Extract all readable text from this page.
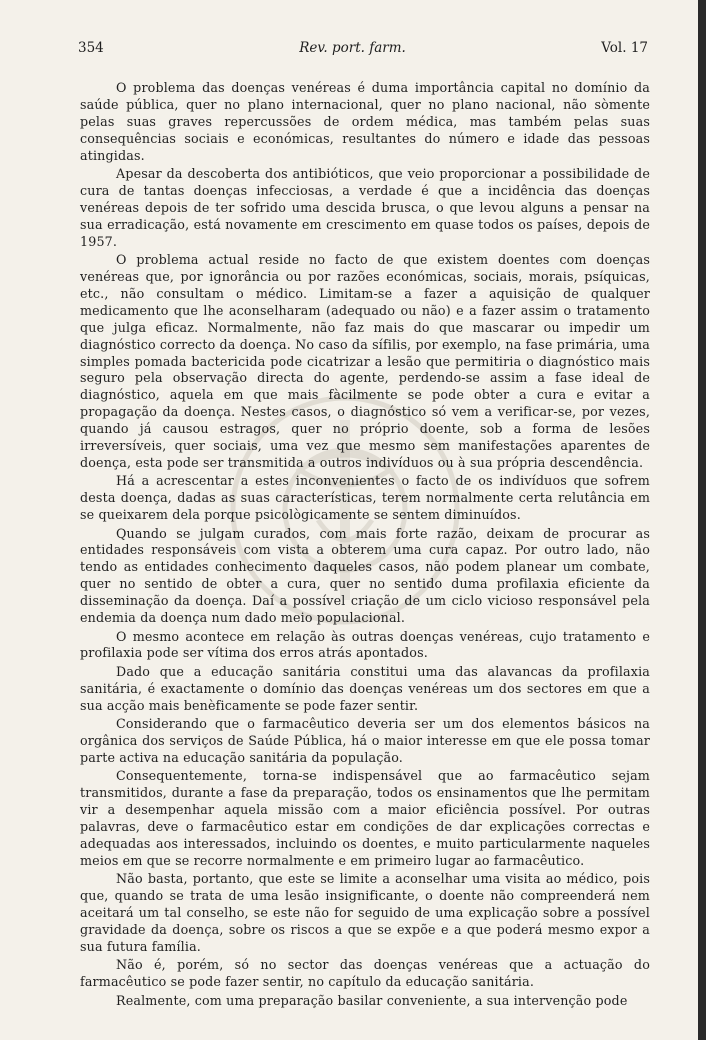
354	Rev. port. farm.	Vol. 17

O problema das doenças venéreas é duma importância capital no domínio da saúde pública, quer no plano internacional, quer no plano nacional, não sòmente pelas suas graves repercussões de ordem médica, mas também pelas suas consequências sociais e económicas, resultantes do número e idade das pessoas atingidas.

Apesar da descoberta dos antibióticos, que veio proporcionar a possibilidade de cura de tantas doenças infecciosas, a verdade é que a incidência das doenças venéreas depois de ter sofrido uma descida brusca, o que levou alguns a pensar na sua erradicação, está novamente em crescimento em quase todos os países, depois de 1957.

O problema actual reside no facto de que existem doentes com doenças venéreas que, por ignorância ou por razões económicas, sociais, morais, psíquicas, etc., não consultam o médico. Limitam-se a fazer a aquisição de qualquer medicamento que lhe aconselharam (adequado ou não) e a fazer assim o tratamento que julga eficaz. Normalmente, não faz mais do que mascarar ou impedir um diagnóstico correcto da doença. No caso da sífilis, por exemplo, na fase primária, uma simples pomada bactericida pode cicatrizar a lesão que permitiria o diagnóstico mais seguro pela observação directa do agente, perdendo-se assim a fase ideal de diagnóstico, aquela em que mais fàcilmente se pode obter a cura e evitar a propagação da doença. Nestes casos, o diagnóstico só vem a verificar-se, por vezes, quando já causou estragos, quer no próprio doente, sob a forma de lesões irreversíveis, quer sociais, uma vez que mesmo sem manifestações aparentes de doença, esta pode ser transmitida a outros indivíduos ou à sua própria descendência.

Há a acrescentar a estes inconvenientes o facto de os indivíduos que sofrem desta doença, dadas as suas características, terem normalmente certa relutância em se queixarem dela porque psicològicamente se sentem diminuídos.

Quando se julgam curados, com mais forte razão, deixam de procurar as entidades responsáveis com vista a obterem uma cura capaz. Por outro lado, não tendo as entidades conhecimento daqueles casos, não podem planear um combate, quer no sentido de obter a cura, quer no sentido duma profilaxia eficiente da disseminação da doença. Daí a possível criação de um ciclo vicioso responsável pela endemia da doença num dado meio populacional.

O mesmo acontece em relação às outras doenças venéreas, cujo tratamento e profilaxia pode ser vítima dos erros atrás apontados.

Dado que a educação sanitária constitui uma das alavancas da profilaxia sanitária, é exactamente o domínio das doenças venéreas um dos sectores em que a sua acção mais benèficamente se pode fazer sentir.

Considerando que o farmacêutico deveria ser um dos elementos básicos na orgânica dos serviços de Saúde Pública, há o maior interesse em que ele possa tomar parte activa na educação sanitária da população.

Consequentemente, torna-se indispensável que ao farmacêutico sejam transmitidos, durante a fase da preparação, todos os ensinamentos que lhe permitam vir a desempenhar aquela missão com a maior eficiência possível. Por outras palavras, deve o farmacêutico estar em condições de dar explicações correctas e adequadas aos interessados, incluindo os doentes, e muito particularmente naqueles meios em que se recorre normalmente e em primeiro lugar ao farmacêutico.

Não basta, portanto, que este se limite a aconselhar uma visita ao médico, pois que, quando se trata de uma lesão insignificante, o doente não compreenderá nem aceitará um tal conselho, se este não for seguido de uma explicação sobre a possível gravidade da doença, sobre os riscos a que se expõe e a que poderá mesmo expor a sua futura família.

Não é, porém, só no sector das doenças venéreas que a actuação do farmacêutico se pode fazer sentir, no capítulo da educação sanitária.

Realmente, com uma preparação basilar conveniente, a sua intervenção pode
